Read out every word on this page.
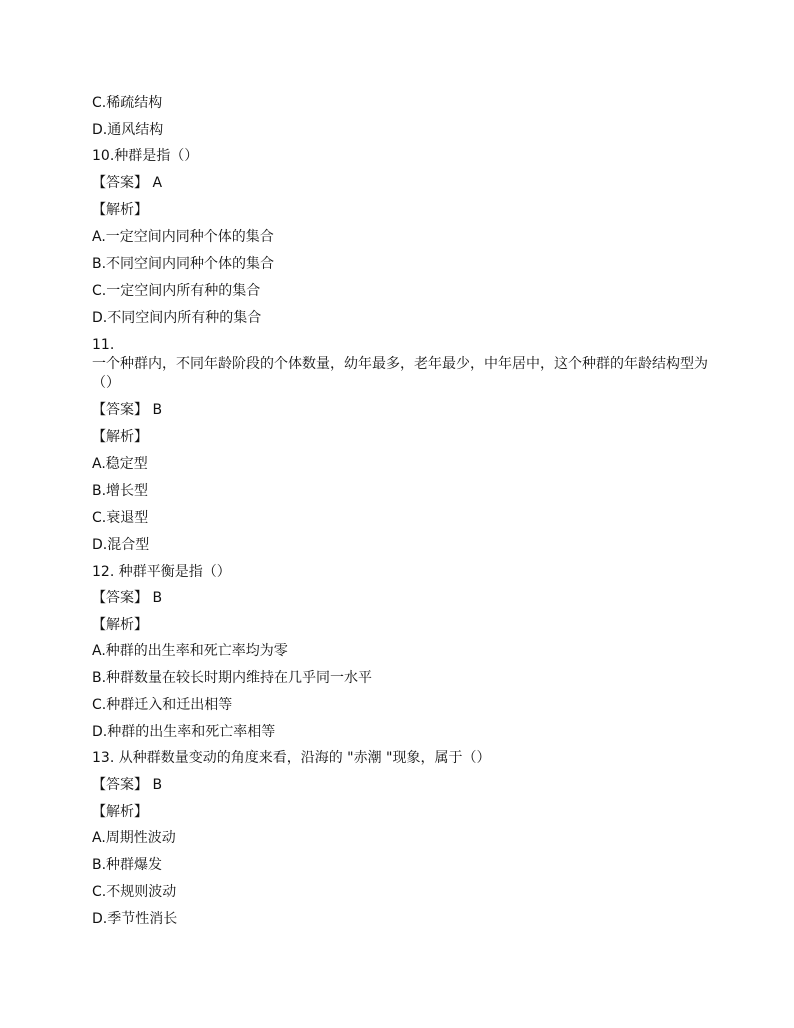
C.稀疏结构
D.通风结构
10.种群是指（）
【答案】 A
【解析】
A.一定空间内同种个体的集合
B.不同空间内同种个体的集合
C.一定空间内所有种的集合
D.不同空间内所有种的集合
11.
一个种群内，不同年龄阶段的个体数量，幼年最多，老年最少，中年居中，这个种群的年龄结构型为（）
【答案】 B
【解析】
A.稳定型
B.增长型
C.衰退型
D.混合型
12. 种群平衡是指（）
【答案】 B
【解析】
A.种群的出生率和死亡率均为零
B.种群数量在较长时期内维持在几乎同一水平
C.种群迁入和迁出相等
D.种群的出生率和死亡率相等
13. 从种群数量变动的角度来看，沿海的 "赤潮 "现象，属于（）
【答案】 B
【解析】
A.周期性波动
B.种群爆发
C.不规则波动
D.季节性消长
